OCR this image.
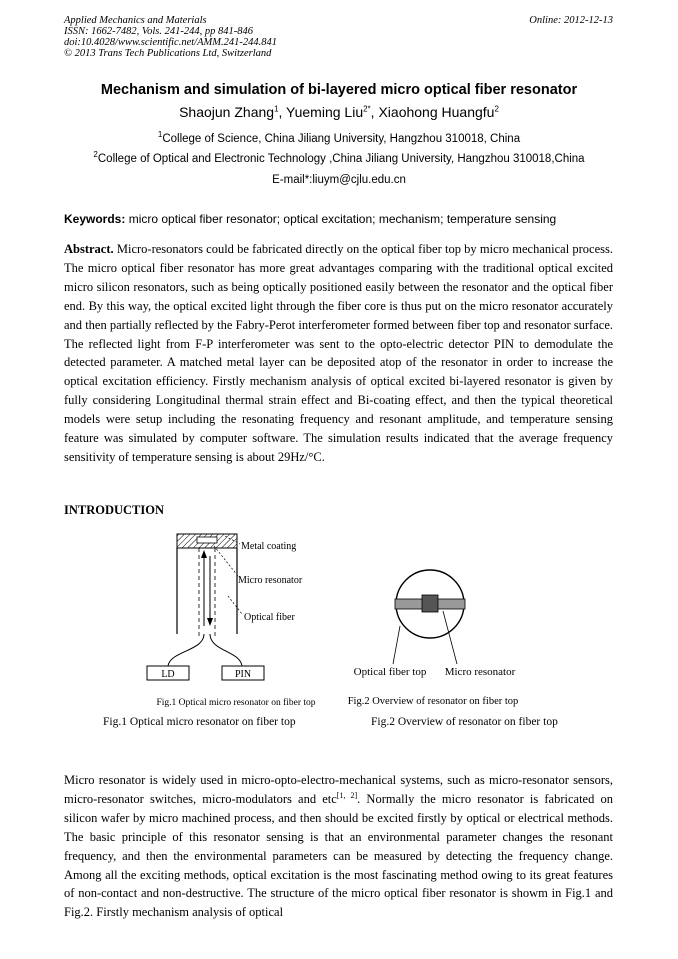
Applied Mechanics and Materials
ISSN: 1662-7482, Vols. 241-244, pp 841-846
doi:10.4028/www.scientific.net/AMM.241-244.841
© 2013 Trans Tech Publications Ltd, Switzerland
Online: 2012-12-13
Mechanism and simulation of bi-layered micro optical fiber resonator
Shaojun Zhang$^1$, Yueming Liu$^{2*}$, Xiaohong Huangfu$^2$
$^1$College of Science, China Jiliang University, Hangzhou 310018, China
$^2$College of Optical and Electronic Technology ,China Jiliang University, Hangzhou 310018,China
E-mail*:liuym@cjlu.edu.cn
Keywords: micro optical fiber resonator; optical excitation; mechanism; temperature sensing

Abstract. Micro-resonators could be fabricated directly on the optical fiber top by micro mechanical process. The micro optical fiber resonator has more great advantages comparing with the traditional optical excited micro silicon resonators, such as being optically positioned easily between the resonator and the optical fiber end. By this way, the optical excited light through the fiber core is thus put on the micro resonator accurately and then partially reflected by the Fabry-Perot interferometer formed between fiber top and resonator surface. The reflected light from F-P interferometer was sent to the opto-electric detector PIN to demodulate the detected parameter. A matched metal layer can be deposited atop of the resonator in order to increase the optical excitation efficiency. Firstly mechanism analysis of optical excited bi-layered resonator is given by fully considering Longitudinal thermal strain effect and Bi-coating effect, and then the typical theoretical models were setup including the resonating frequency and resonant amplitude, and temperature sensing feature was simulated by computer software. The simulation results indicated that the average frequency sensitivity of temperature sensing is about 29Hz/°C.

INTRODUCTION
LD	PIN
Metal coating
Micro resonator
Optical fiber
Fig.1 Optical micro resonator on fiber top
Optical fiber top Micro resonator
Fig.2 Overview of resonator on fiber top
Fig.1 Optical micro resonator on fiber top	Fig.2 Overview of resonator on fiber top

Micro resonator is widely used in micro-opto-electro-mechanical systems, such as micro-resonator sensors, micro-resonator switches, micro-modulators and etc[1, 2]. Normally the micro resonator is fabricated on silicon wafer by micro machined process, and then should be excited firstly by optical or electrical methods. The basic principle of this resonator sensing is that an environmental parameter changes the resonant frequency, and then the environmental parameters can be measured by detecting the frequency change. Among all the exciting methods, optical excitation is the most fascinating method owing to its great features of non-contact and non-destructive. The structure of the micro optical fiber resonator is showm in Fig.1 and Fig.2. Firstly mechanism analysis of optical
